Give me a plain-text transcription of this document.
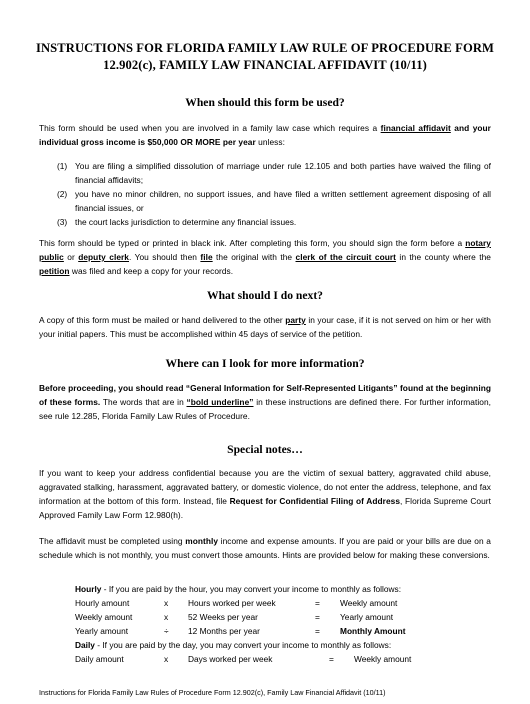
INSTRUCTIONS FOR FLORIDA FAMILY LAW RULE OF PROCEDURE FORM
12.902(c), FAMILY LAW FINANCIAL AFFIDAVIT (10/11)
When should this form be used?
This form should be used when you are involved in a family law case which requires a financial affidavit and your individual gross income is $50,000 OR MORE per year unless:
(1) You are filing a simplified dissolution of marriage under rule 12.105 and both parties have waived the filing of financial affidavits;
(2) you have no minor children, no support issues, and have filed a written settlement agreement disposing of all financial issues, or
(3) the court lacks jurisdiction to determine any financial issues.
This form should be typed or printed in black ink. After completing this form, you should sign the form before a notary public or deputy clerk. You should then file the original with the clerk of the circuit court in the county where the petition was filed and keep a copy for your records.
What should I do next?
A copy of this form must be mailed or hand delivered to the other party in your case, if it is not served on him or her with your initial papers. This must be accomplished within 45 days of service of the petition.
Where can I look for more information?
Before proceeding, you should read “General Information for Self-Represented Litigants” found at the beginning of these forms. The words that are in “bold underline” in these instructions are defined there. For further information, see rule 12.285, Florida Family Law Rules of Procedure.
Special notes…
If you want to keep your address confidential because you are the victim of sexual battery, aggravated child abuse, aggravated stalking, harassment, aggravated battery, or domestic violence, do not enter the address, telephone, and fax information at the bottom of this form. Instead, file Request for Confidential Filing of Address, Florida Supreme Court Approved Family Law Form 12.980(h).
The affidavit must be completed using monthly income and expense amounts. If you are paid or your bills are due on a schedule which is not monthly, you must convert those amounts. Hints are provided below for making these conversions.
Hourly - If you are paid by the hour, you may convert your income to monthly as follows:
Hourly amount	x Hours worked per week	= Weekly amount
Weekly amount	x 52 Weeks per year	= Yearly amount
Yearly amount	÷ 12 Months per year	= Monthly Amount
Daily - If you are paid by the day, you may convert your income to monthly as follows:
Daily amount	x Days worked per week	= Weekly amount
Instructions for Florida Family Law Rules of Procedure Form 12.902(c), Family Law Financial Affidavit (10/11)
